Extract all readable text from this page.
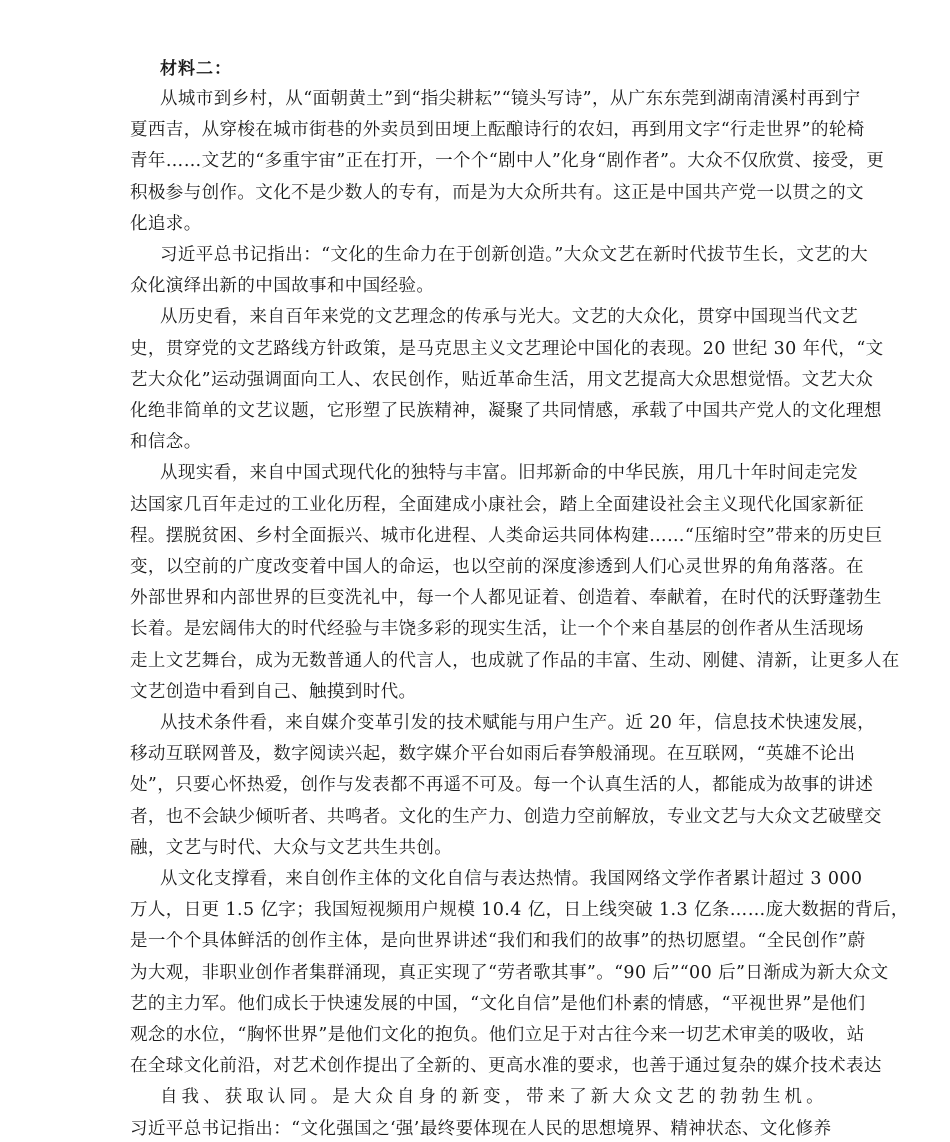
材料二：
从城市到乡村，从“面朝黄土”到“指尖耕耘”“镜头写诗”，从广东东莞到湖南清溪村再到宁
夏西吉，从穿梭在城市街巷的外卖员到田埂上酝酿诗行的农妇，再到用文字“行走世界”的轮椅
青年……文艺的“多重宇宙”正在打开，一个个“剧中人”化身“剧作者”。大众不仅欣赏、接受，更
积极参与创作。文化不是少数人的专有，而是为大众所共有。这正是中国共产党一以贯之的文
化追求。
习近平总书记指出：“文化的生命力在于创新创造。”大众文艺在新时代拔节生长，文艺的大
众化演绎出新的中国故事和中国经验。
从历史看，来自百年来党的文艺理念的传承与光大。文艺的大众化，贯穿中国现当代文艺
史，贯穿党的文艺路线方针政策，是马克思主义文艺理论中国化的表现。20 世纪 30 年代，“文
艺大众化”运动强调面向工人、农民创作，贴近革命生活，用文艺提高大众思想觉悟。文艺大众
化绝非简单的文艺议题，它形塑了民族精神，凝聚了共同情感，承载了中国共产党人的文化理想
和信念。
从现实看，来自中国式现代化的独特与丰富。旧邦新命的中华民族，用几十年时间走完发
达国家几百年走过的工业化历程，全面建成小康社会，踏上全面建设社会主义现代化国家新征
程。摆脱贫困、乡村全面振兴、城市化进程、人类命运共同体构建……“压缩时空”带来的历史巨
变，以空前的广度改变着中国人的命运，也以空前的深度渗透到人们心灵世界的角角落落。在
外部世界和内部世界的巨变洗礼中，每一个人都见证着、创造着、奉献着，在时代的沃野蓬勃生
长着。是宏阔伟大的时代经验与丰饶多彩的现实生活，让一个个来自基层的创作者从生活现场
走上文艺舞台，成为无数普通人的代言人，也成就了作品的丰富、生动、刚健、清新，让更多人在
文艺创造中看到自己、触摸到时代。
从技术条件看，来自媒介变革引发的技术赋能与用户生产。近 20 年，信息技术快速发展，
移动互联网普及，数字阅读兴起，数字媒介平台如雨后春笋般涌现。在互联网，“英雄不论出
处”，只要心怀热爱，创作与发表都不再遥不可及。每一个认真生活的人，都能成为故事的讲述
者，也不会缺少倾听者、共鸣者。文化的生产力、创造力空前解放，专业文艺与大众文艺破壁交
融，文艺与时代、大众与文艺共生共创。
从文化支撑看，来自创作主体的文化自信与表达热情。我国网络文学作者累计超过 3 000
万人，日更 1.5 亿字；我国短视频用户规模 10.4 亿，日上线突破 1.3 亿条……庞大数据的背后，
是一个个具体鲜活的创作主体，是向世界讲述“我们和我们的故事”的热切愿望。“全民创作”蔚
为大观，非职业创作者集群涌现，真正实现了“劳者歌其事”。“90 后”“00 后”日渐成为新大众文
艺的主力军。他们成长于快速发展的中国，“文化自信”是他们朴素的情感，“平视世界”是他们
观念的水位，“胸怀世界”是他们文化的抱负。他们立足于对古往今来一切艺术审美的吸收，站
在全球文化前沿，对艺术创作提出了全新的、更高水准的要求，也善于通过复杂的媒介技术表达
自我、获取认同。是大众自身的新变，带来了新大众文艺的勃勃生机。
习近平总书记指出：“文化强国之‘强’最终要体现在人民的思想境界、精神状态、文化修养
